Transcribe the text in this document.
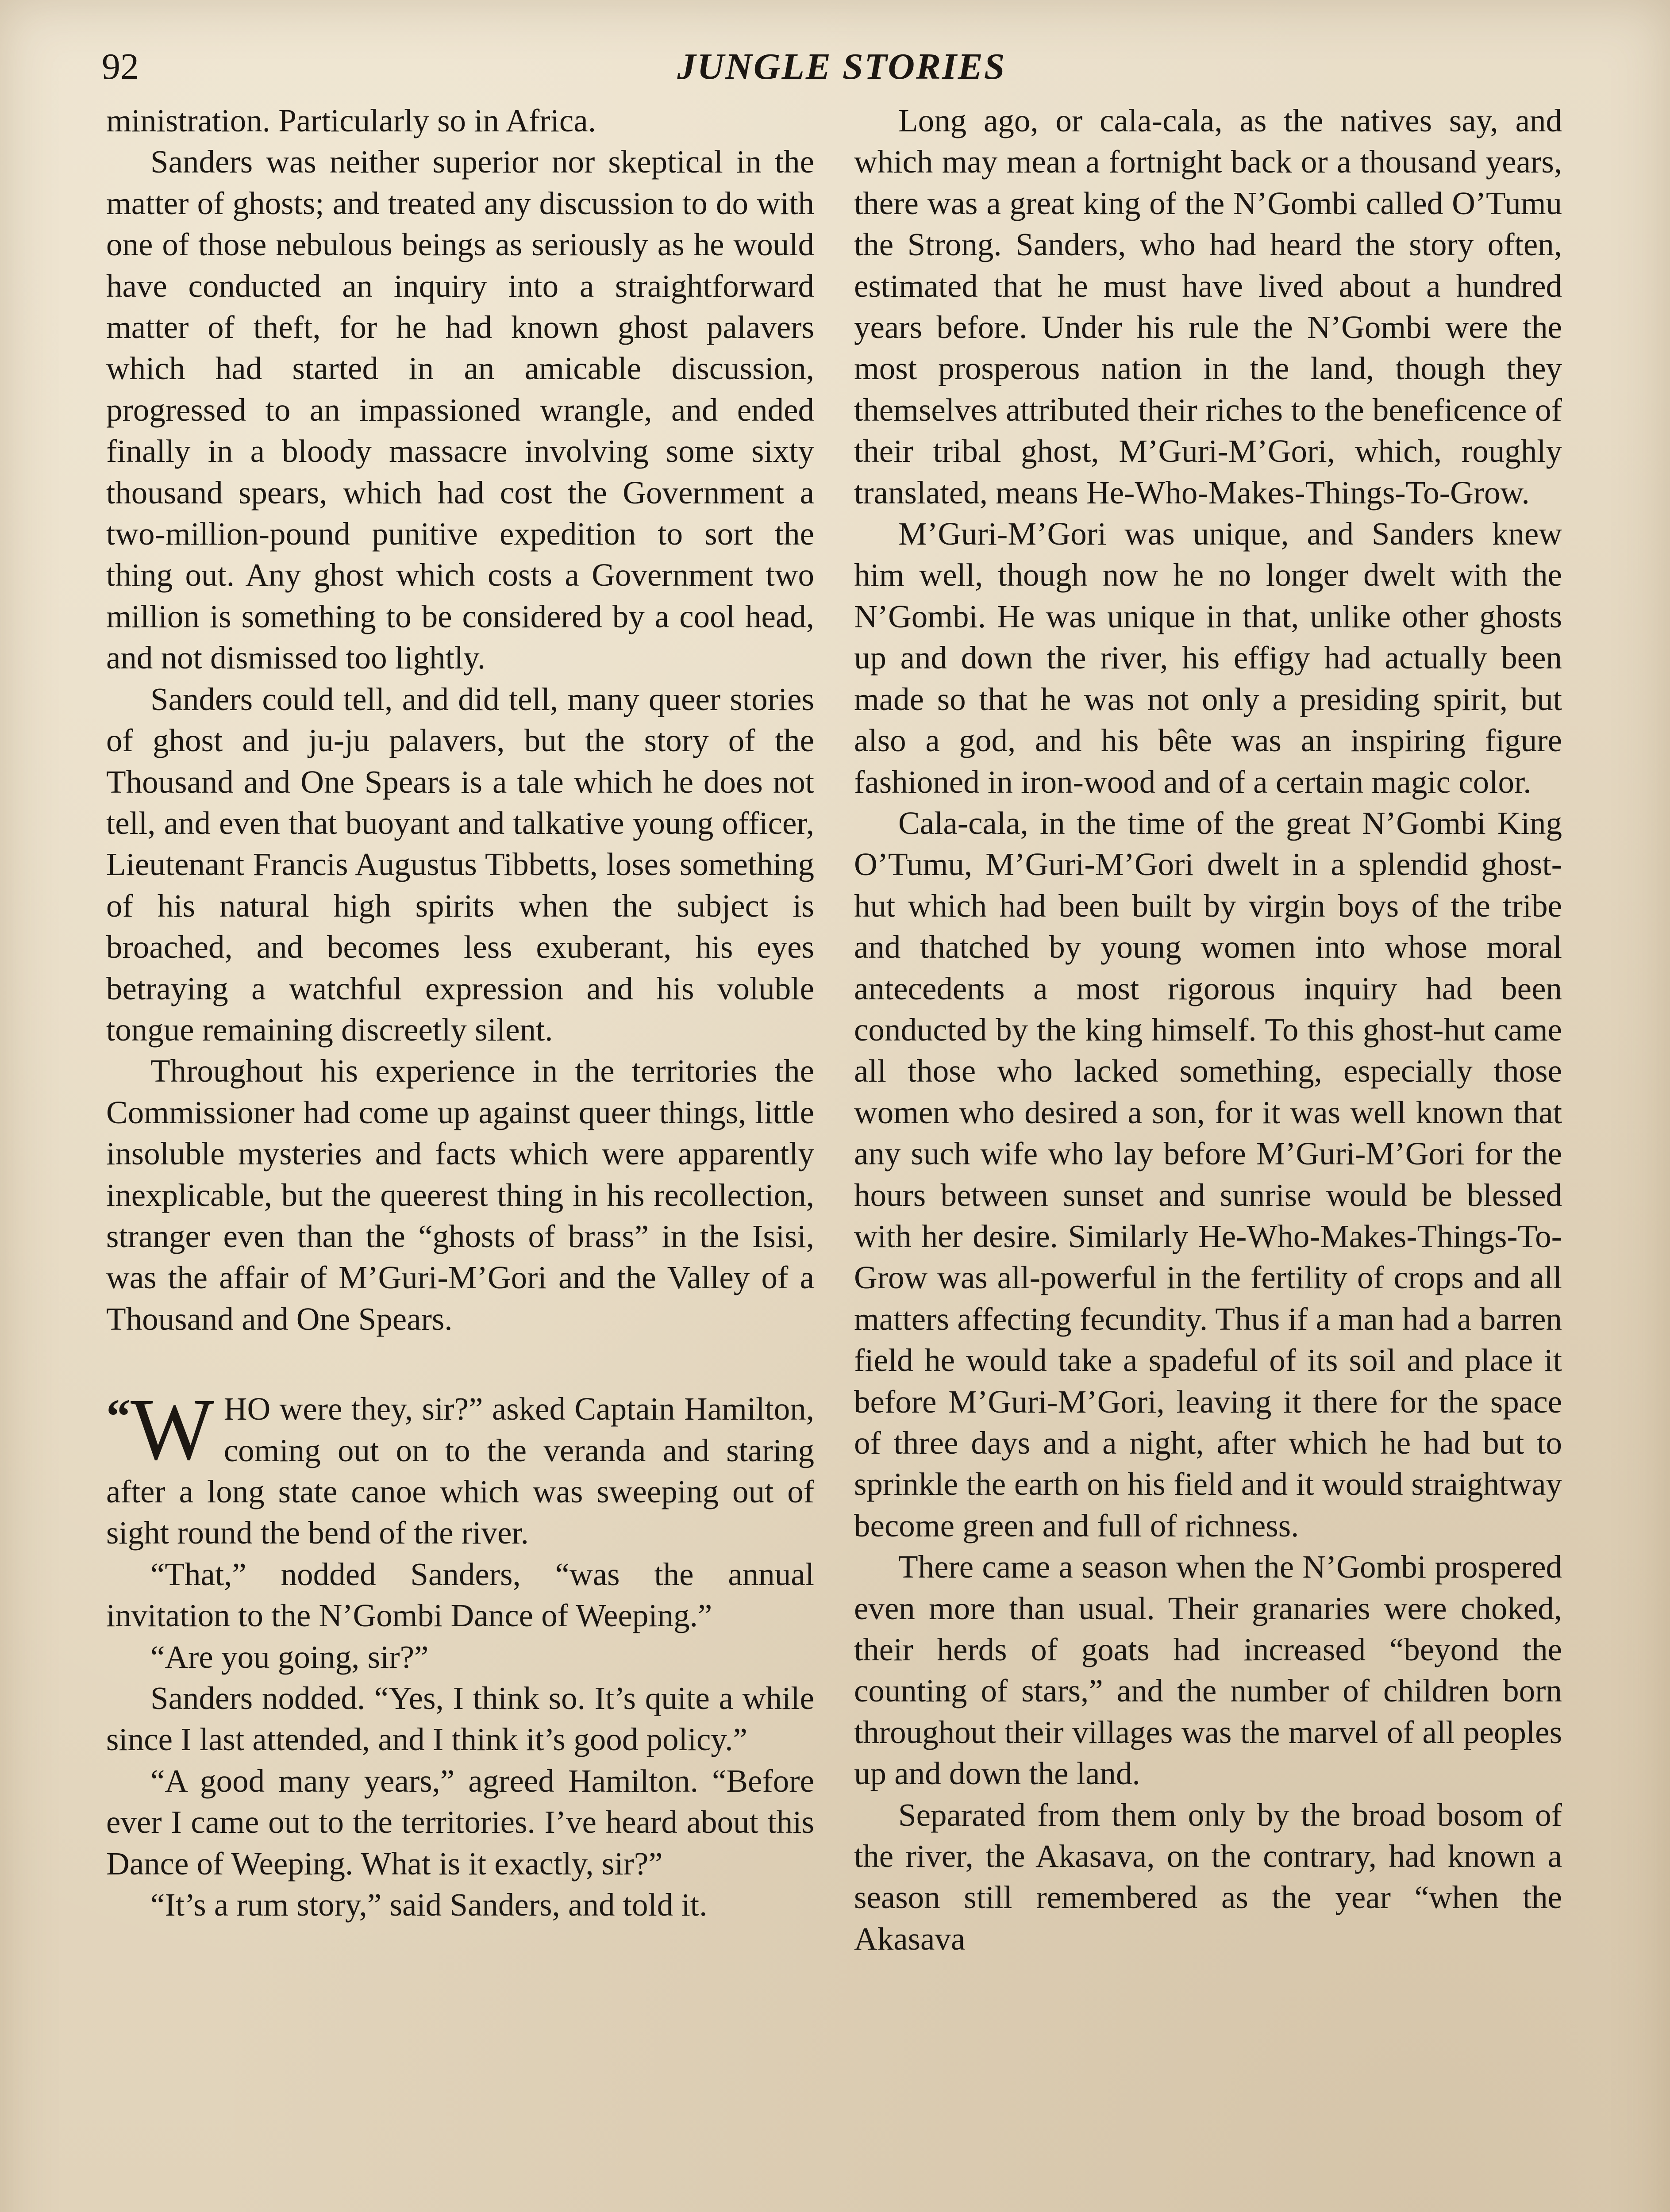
92	JUNGLE STORIES

ministration. Particularly so in Africa.

Sanders was neither superior nor skeptical in the matter of ghosts; and treated any discussion to do with one of those nebulous beings as seriously as he would have conducted an inquiry into a straightforward matter of theft, for he had known ghost palavers which had started in an amicable discussion, progressed to an impassioned wrangle, and ended finally in a bloody massacre involving some sixty thousand spears, which had cost the Government a two-million-pound punitive expedition to sort the thing out. Any ghost which costs a Government two million is something to be considered by a cool head, and not dismissed too lightly.

Sanders could tell, and did tell, many queer stories of ghost and ju-ju palavers, but the story of the Thousand and One Spears is a tale which he does not tell, and even that buoyant and talkative young officer, Lieutenant Francis Augustus Tibbetts, loses something of his natural high spirits when the subject is broached, and becomes less exuberant, his eyes betraying a watchful expression and his voluble tongue remaining discreetly silent.

Throughout his experience in the territories the Commissioner had come up against queer things, little insoluble mysteries and facts which were apparently inexplicable, but the queerest thing in his recollection, stranger even than the “ghosts of brass” in the Isisi, was the affair of M’Guri-M’Gori and the Valley of a Thousand and One Spears.

“ W HO were they, sir?” asked Captain Hamilton, coming out on to the veranda and staring after a long state canoe which was sweeping out of sight round the bend of the river.

“That,” nodded Sanders, “was the annual invitation to the N’Gombi Dance of Weeping.”

“Are you going, sir?”

Sanders nodded. “Yes, I think so. It’s quite a while since I last attended, and I think it’s good policy.”

“A good many years,” agreed Hamilton. “Before ever I came out to the territories. I’ve heard about this Dance of Weeping. What is it exactly, sir?”

“It’s a rum story,” said Sanders, and told it.

Long ago, or cala-cala, as the natives say, and which may mean a fortnight back or a thousand years, there was a great king of the N’Gombi called O’Tumu the Strong. Sanders, who had heard the story often, estimated that he must have lived about a hundred years before. Under his rule the N’Gombi were the most prosperous nation in the land, though they themselves attributed their riches to the beneficence of their tribal ghost, M’Guri-M’Gori, which, roughly translated, means He-Who-Makes-Things-To-Grow.

M’Guri-M’Gori was unique, and Sanders knew him well, though now he no longer dwelt with the N’Gombi. He was unique in that, unlike other ghosts up and down the river, his effigy had actually been made so that he was not only a presiding spirit, but also a god, and his bête was an inspiring figure fashioned in iron-wood and of a certain magic color.

Cala-cala, in the time of the great N’Gombi King O’Tumu, M’Guri-M’Gori dwelt in a splendid ghost-hut which had been built by virgin boys of the tribe and thatched by young women into whose moral antecedents a most rigorous inquiry had been conducted by the king himself. To this ghost-hut came all those who lacked something, especially those women who desired a son, for it was well known that any such wife who lay before M’Guri-M’Gori for the hours between sunset and sunrise would be blessed with her desire. Similarly He-Who-Makes-Things-To-Grow was all-powerful in the fertility of crops and all matters affecting fecundity. Thus if a man had a barren field he would take a spadeful of its soil and place it before M’Guri-M’Gori, leaving it there for the space of three days and a night, after which he had but to sprinkle the earth on his field and it would straightway become green and full of richness.

There came a season when the N’Gombi prospered even more than usual. Their granaries were choked, their herds of goats had increased “beyond the counting of stars,” and the number of children born throughout their villages was the marvel of all peoples up and down the land.

Separated from them only by the broad bosom of the river, the Akasava, on the contrary, had known a season still remembered as the year “when the Akasava
